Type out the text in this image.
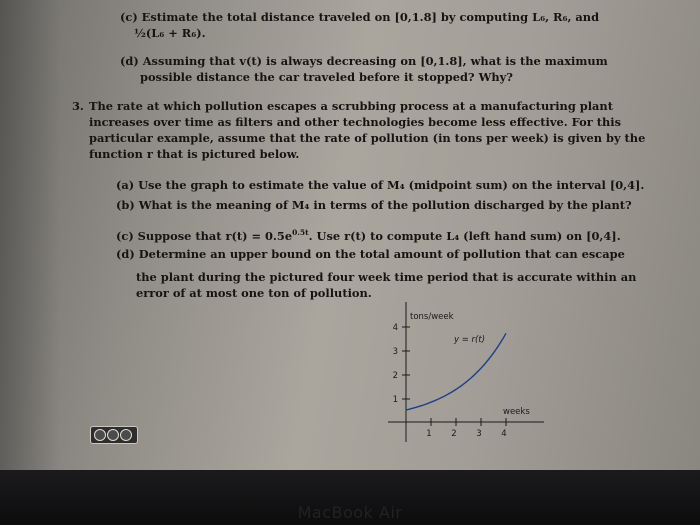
(c) Estimate the total distance traveled on [0,1.8] by computing L₆, R₆, and
½(L₆ + R₆).
(d) Assuming that v(t) is always decreasing on [0,1.8], what is the maximum
possible distance the car traveled before it stopped? Why?
3. The rate at which pollution escapes a scrubbing process at a manufacturing plant
increases over time as filters and other technologies become less effective. For this
particular example, assume that the rate of pollution (in tons per week) is given by the
function r that is pictured below.
(a) Use the graph to estimate the value of M₄ (midpoint sum) on the interval [0,4].
(b) What is the meaning of M₄ in terms of the pollution discharged by the plant?
(c) Suppose that $r(t) = 0.5e^{0.5t}$. Use r(t) to compute L₄ (left hand sum) on [0,4].
(d) Determine an upper bound on the total amount of pollution that can escape
the plant during the pictured four week time period that is accurate within an
error of at most one ton of pollution.
1
2
3
4
1 2 3 4
tons/week
weeks
y = r(t)
MacBook Air
